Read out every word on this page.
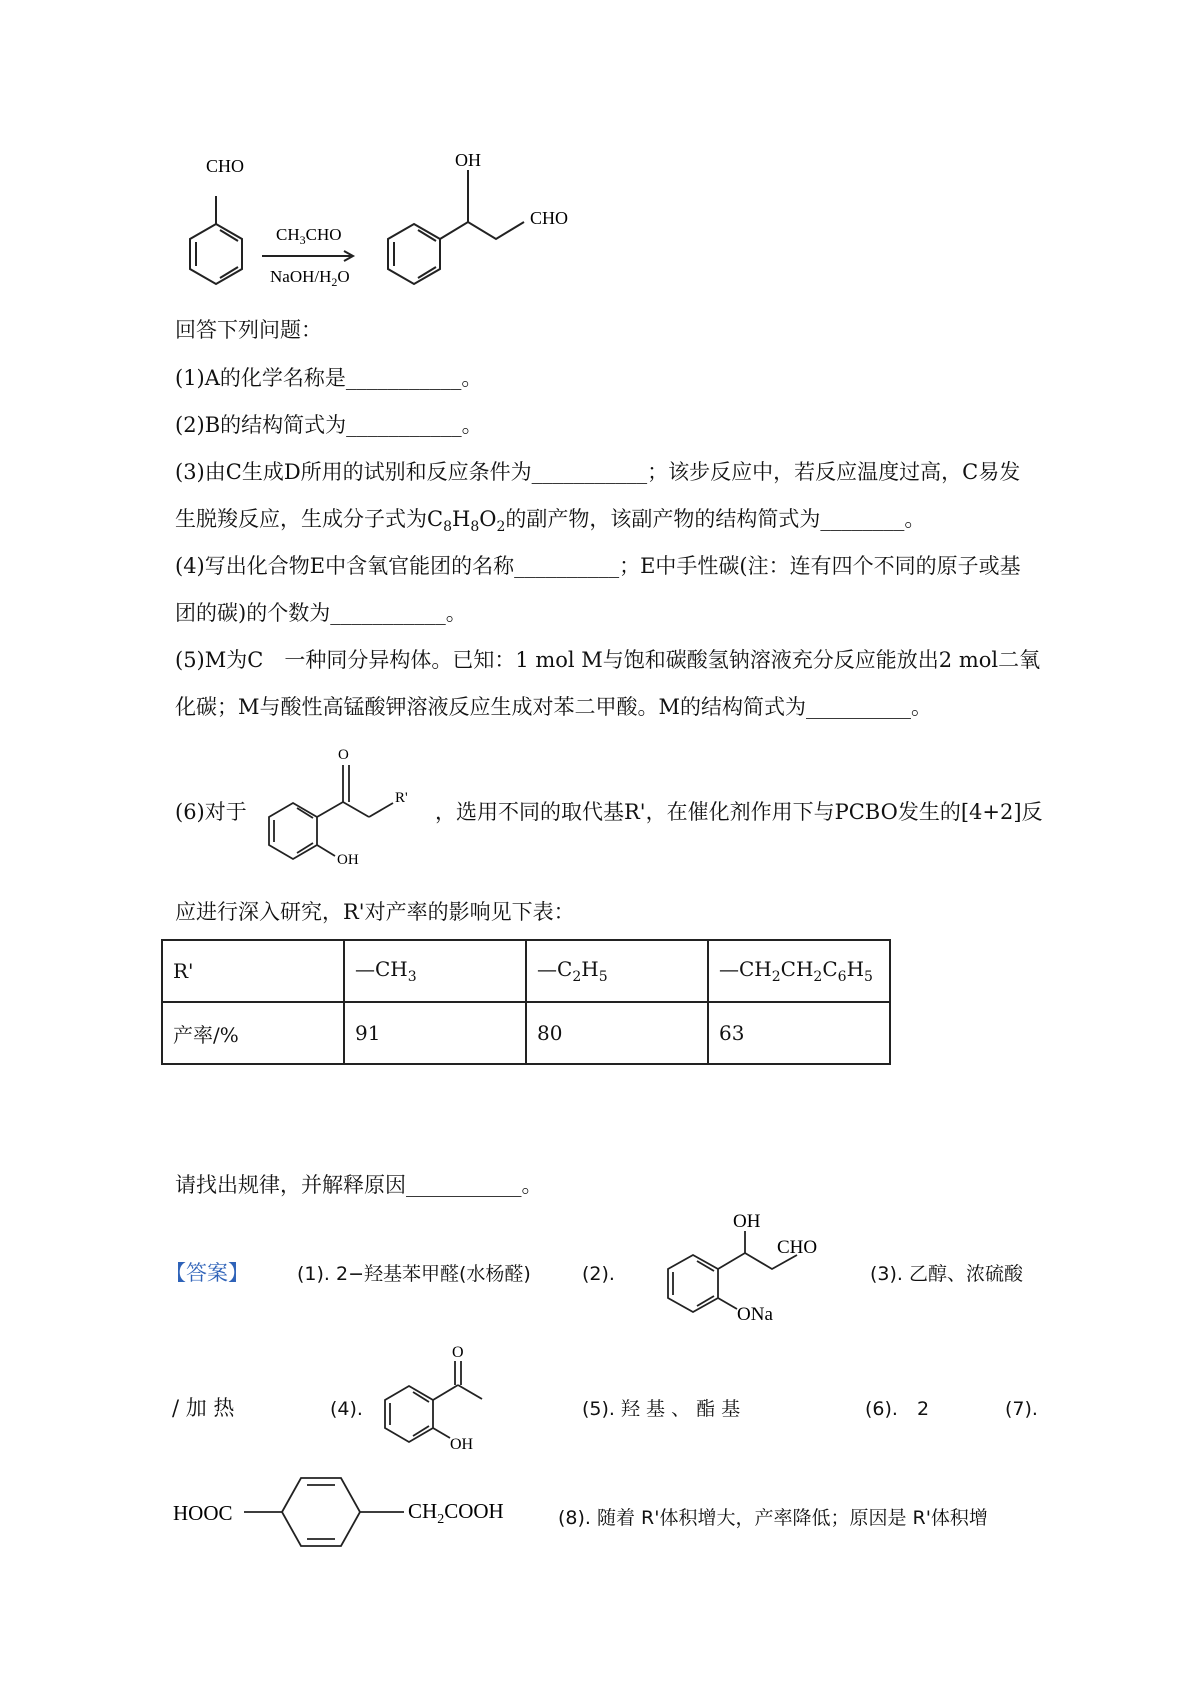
CHO
$CH_3CHO$
NaOH/$H_2O$
OH
CHO
回答下列问题：
(1)A的化学名称是___________。
(2)B的结构简式为___________。
(3)由C生成D所用的试别和反应条件为___________；该步反应中，若反应温度过高，C易发
生脱羧反应，生成分子式为$C_8H_8O_2$的副产物，该副产物的结构简式为________。
(4)写出化合物E中含氧官能团的名称__________；E中手性碳(注：连有四个不同的原子或基
团的碳)的个数为___________。
(5)M为C　一种同分异构体。已知：1 mol M与饱和碳酸氢钠溶液充分反应能放出2 mol二氧
化碳；M与酸性高锰酸钾溶液反应生成对苯二甲酸。M的结构简式为__________。
(6)对于
O
R'
OH
，选用不同的取代基R'，在催化剂作用下与PCBO发生的[4+2]反
应进行深入研究，R'对产率的影响见下表：
R'	$—CH_3$	$—C_2H_5$	$—CH_2CH_2C_6H_5$
产率/%	91	80	63
请找出规律，并解释原因___________。
【答案】	(1). 2−羟基苯甲醛(水杨醛)	(2).
OH
CHO
ONa
(3). 乙醇、浓硫酸
/ 加 热	(4).
O
OH
(5). 羟 基 、 酯 基	(6).　2	(7).
HOOC	$CH_2COOH$	(8). 随着 R'体积增大，产率降低；原因是 R'体积增
